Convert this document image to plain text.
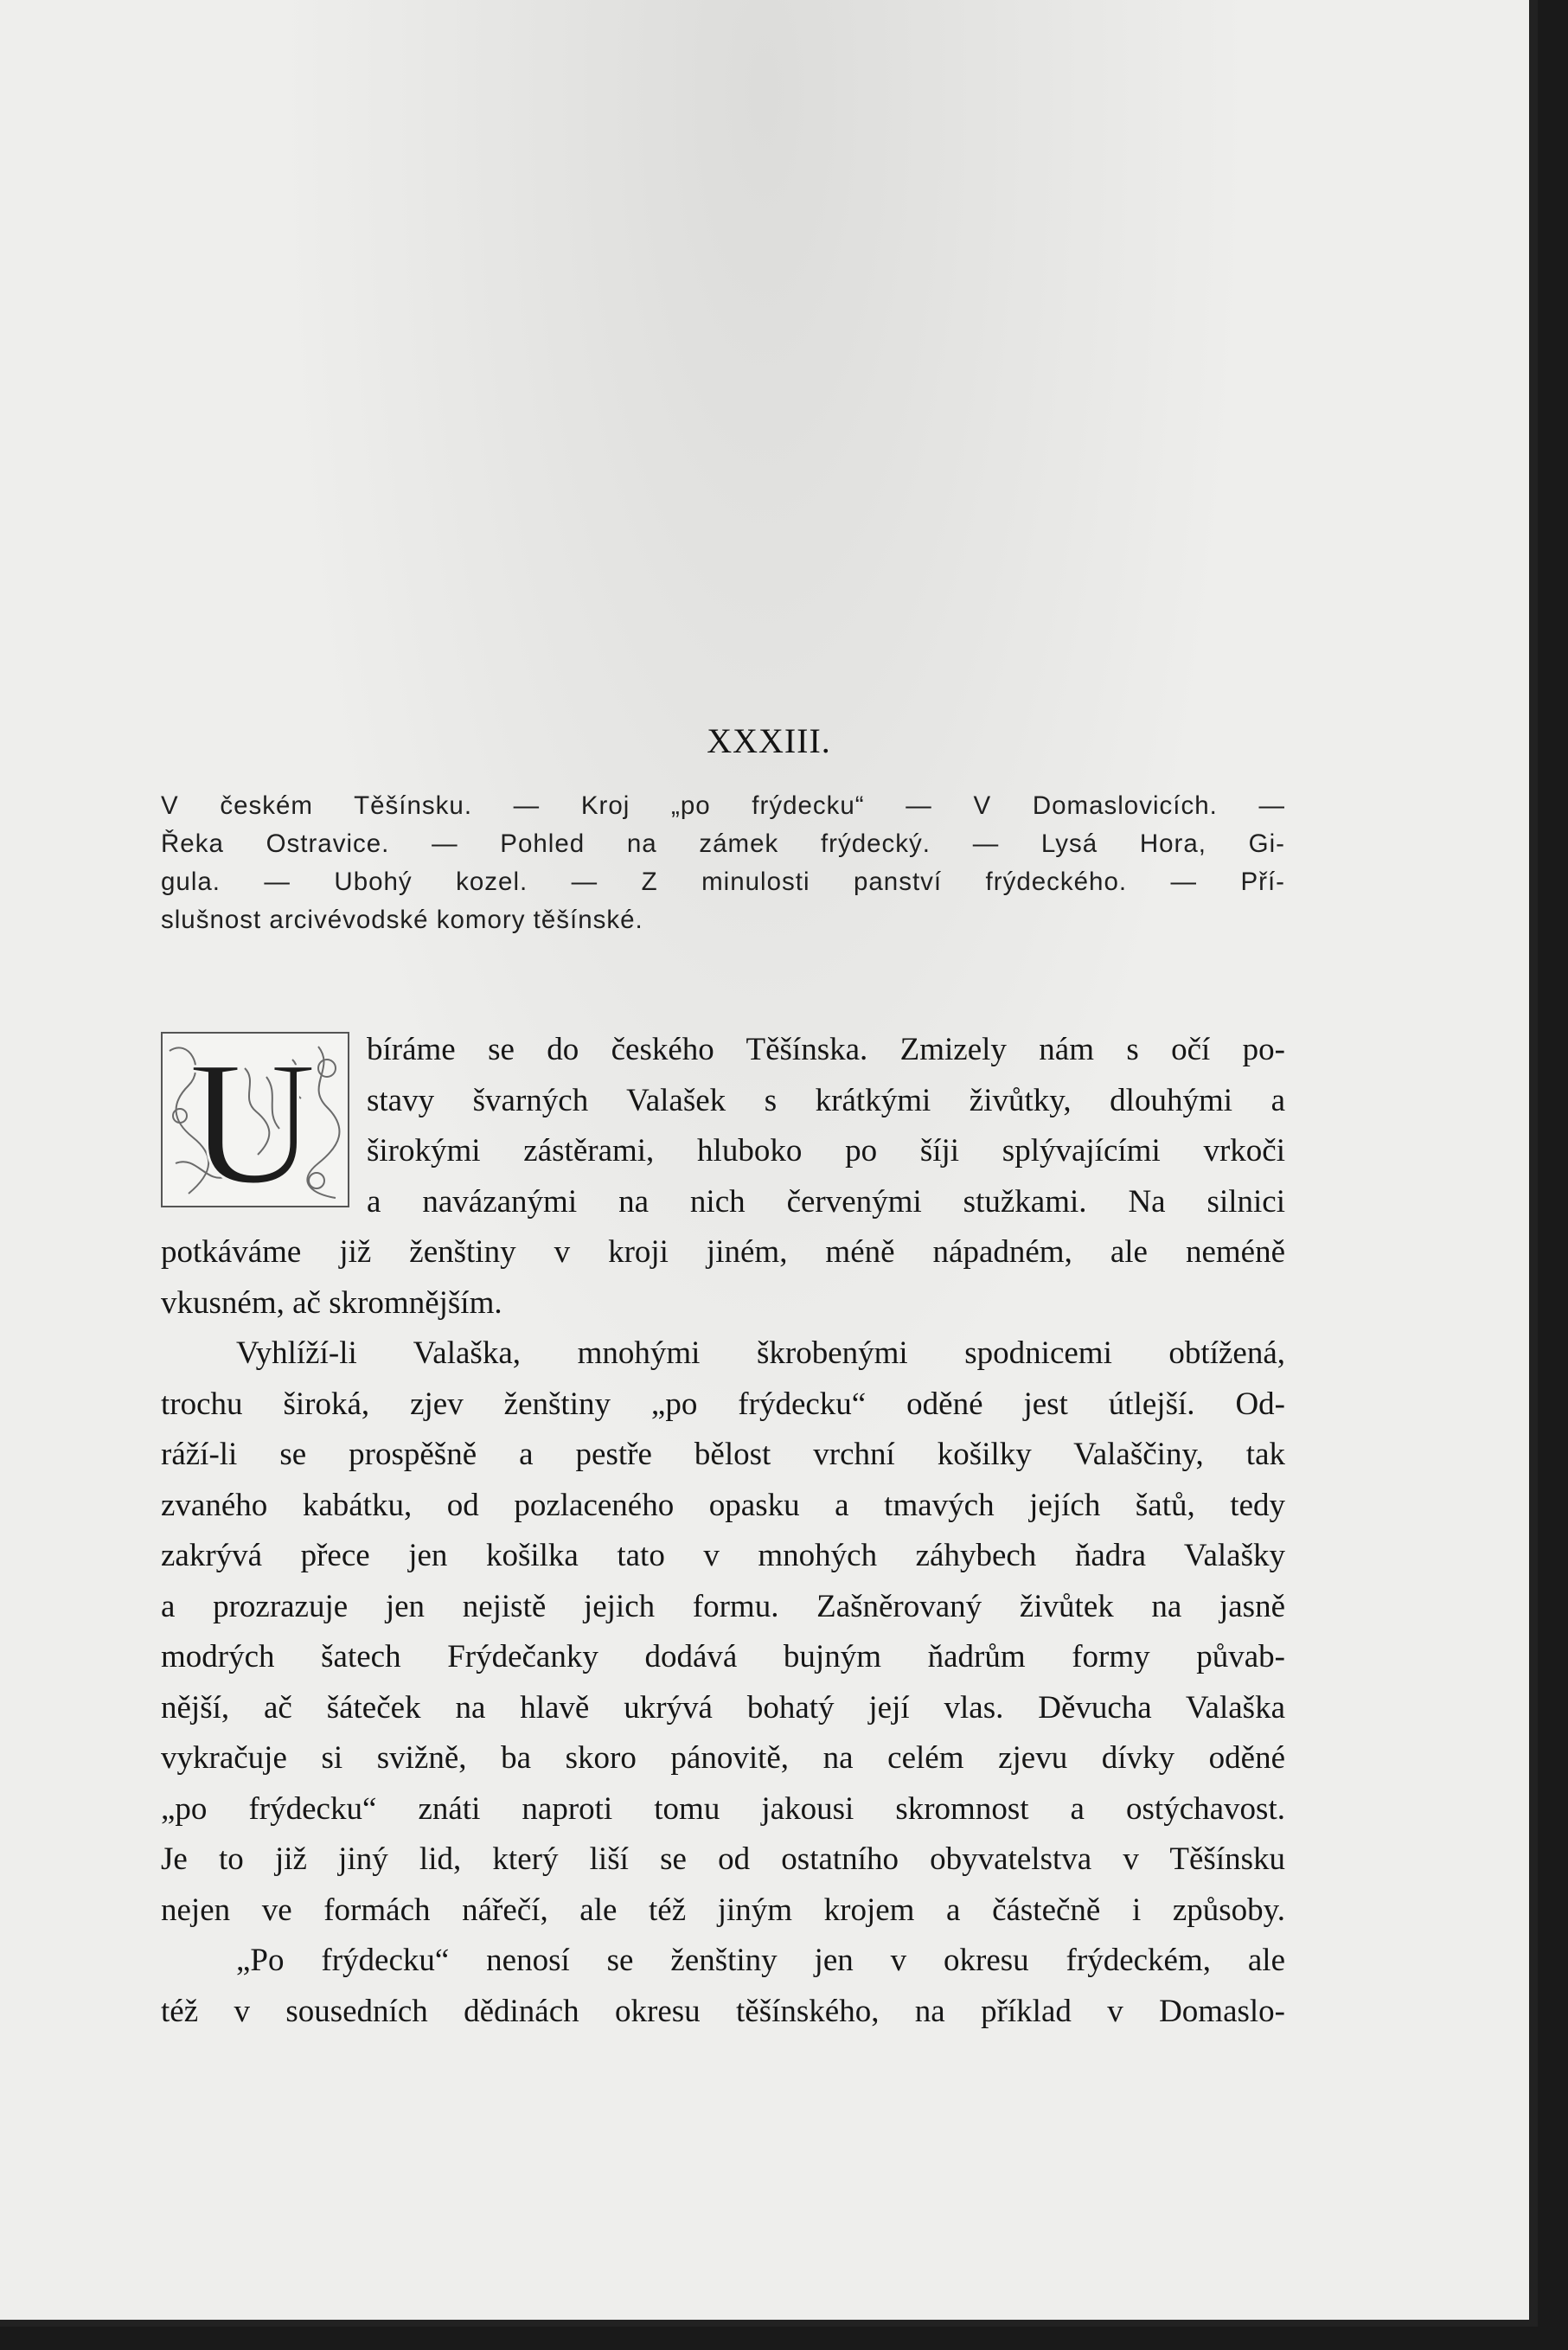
XXXIII.
V českém Těšínsku. — Kroj „po frýdecku“ — V Domaslovicích. —
Řeka Ostravice. — Pohled na zámek frýdecký. — Lysá Hora, Gi-
gula. — Ubohý kozel. — Z minulosti panství frýdeckého. — Pří-
slušnost arcivévodské komory těšínské.
U bíráme se do českého Těšínska. Zmizely nám s očí po-
stavy švarných Valašek s krátkými živůtky, dlouhými a
širokými zástěrami, hluboko po šíji splývajícími vrkoči
a navázanými na nich červenými stužkami. Na silnici
potkáváme již ženštiny v kroji jiném, méně nápadném, ale neméně
vkusném, ač skromnějším.
Vyhlíží-li Valaška, mnohými škrobenými spodnicemi obtížená,
trochu široká, zjev ženštiny „po frýdecku“ oděné jest útlejší. Od-
ráží-li se prospěšně a pestře bělost vrchní košilky Valaščiny, tak
zvaného kabátku, od pozlaceného opasku a tmavých jejích šatů, tedy
zakrývá přece jen košilka tato v mnohých záhybech ňadra Valašky
a prozrazuje jen nejistě jejich formu. Zašněrovaný živůtek na jasně
modrých šatech Frýdečanky dodává bujným ňadrům formy půvab-
nější, ač šáteček na hlavě ukrývá bohatý její vlas. Děvucha Valaška
vykračuje si svižně, ba skoro pánovitě, na celém zjevu dívky oděné
„po frýdecku“ znáti naproti tomu jakousi skromnost a ostýchavost.
Je to již jiný lid, který liší se od ostatního obyvatelstva v Těšínsku
nejen ve formách nářečí, ale též jiným krojem a částečně i způsoby.
„Po frýdecku“ nenosí se ženštiny jen v okresu frýdeckém, ale
též v sousedních dědinách okresu těšínského, na příklad v Domaslo-
